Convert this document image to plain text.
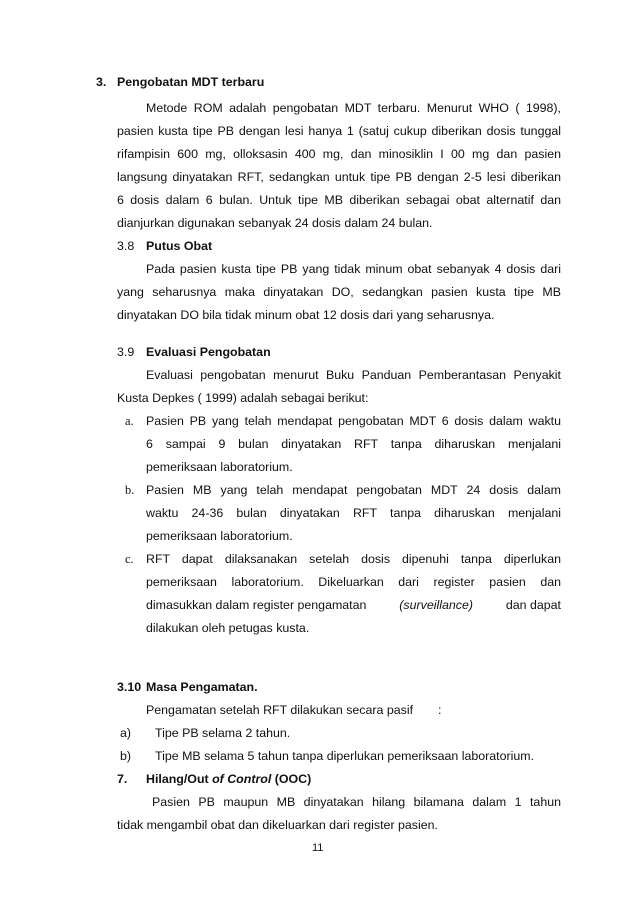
3. Pengobatan MDT terbaru
Metode ROM adalah pengobatan MDT terbaru. Menurut WHO ( 1998),
pasien kusta tipe PB dengan lesi hanya 1 (satuj cukup diberikan dosis tunggal
rifampisin 600 mg, olloksasin 400 mg, dan minosiklin I 00 mg dan pasien
langsung dinyatakan RFT, sedangkan untuk tipe PB dengan 2-5 lesi diberikan
6 dosis dalam 6 bulan. Untuk tipe MB diberikan sebagai obat alternatif dan
dianjurkan digunakan sebanyak 24 dosis dalam 24 bulan.
3.8 Putus Obat
Pada pasien kusta tipe PB yang tidak minum obat sebanyak 4 dosis dari
yang seharusnya maka dinyatakan DO, sedangkan pasien kusta tipe MB
dinyatakan DO bila tidak minum obat 12 dosis dari yang seharusnya.
3.9 Evaluasi Pengobatan
Evaluasi pengobatan menurut Buku Panduan Pemberantasan Penyakit
Kusta Depkes ( 1999) adalah sebagai berikut:
a. Pasien PB yang telah mendapat pengobatan MDT 6 dosis dalam waktu
6 sampai 9 bulan dinyatakan RFT tanpa diharuskan menjalani
pemeriksaan laboratorium.
b. Pasien MB yang telah mendapat pengobatan MDT 24 dosis dalam
waktu 24-36 bulan dinyatakan RFT tanpa diharuskan menjalani
pemeriksaan laboratorium.
c. RFT dapat dilaksanakan setelah dosis dipenuhi tanpa diperlukan
pemeriksaan laboratorium. Dikeluarkan dari register pasien dan
dimasukkan dalam register pengamatan	(surveillance)	dan dapat
dilakukan oleh petugas kusta.
3.10 Masa Pengamatan.
Pengamatan setelah RFT dilakukan secara pasif :
a) Tipe PB selama 2 tahun.
b) Tipe MB selama 5 tahun tanpa diperlukan pemeriksaan laboratorium.
7. Hilang/Out of Control (OOC)
Pasien PB maupun MB dinyatakan hilang bilamana dalam 1 tahun
tidak mengambil obat dan dikeluarkan dari register pasien.
11
